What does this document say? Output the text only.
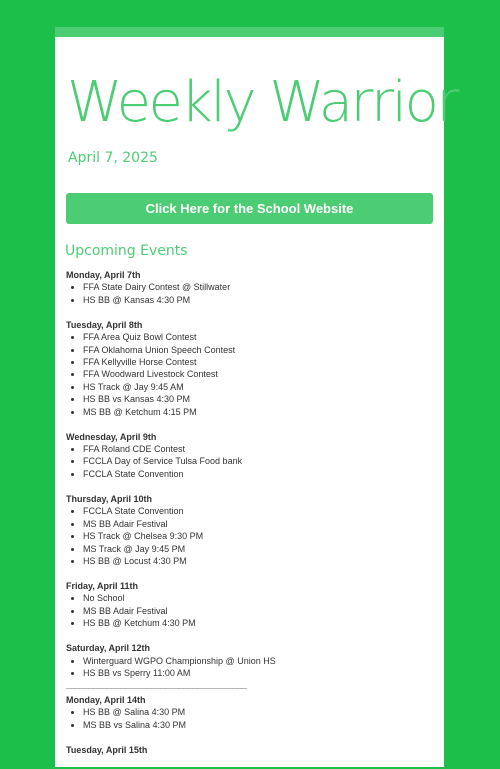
Weekly Warrior
April 7, 2025
Click Here for the School Website
Upcoming Events
Monday, April 7th
• FFA State Dairy Contest @ Stillwater
• HS BB @ Kansas 4:30 PM
Tuesday, April 8th
• FFA Area Quiz Bowl Contest
• FFA Oklahoma Union Speech Contest
• FFA Kellyville Horse Contest
• FFA Woodward Livestock Contest
• HS Track @ Jay 9:45 AM
• HS BB vs Kansas 4:30 PM
• MS BB @ Ketchum 4:15 PM
Wednesday, April 9th
• FFA Roland CDE Contest
• FCCLA Day of Service Tulsa Food bank
• FCCLA State Convention
Thursday, April 10th
• FCCLA State Convention
• MS BB Adair Festival
• HS Track @ Chelsea 9:30 PM
• MS Track @ Jay 9:45 PM
• HS BB @ Locust 4:30 PM
Friday, April 11th
• No School
• MS BB Adair Festival
• HS BB @ Ketchum 4:30 PM
Saturday, April 12th
• Winterguard WGPO Championship @ Union HS
• HS BB vs Sperry 11:00 AM
________________________________________
Monday, April 14th
• HS BB @ Salina 4:30 PM
• MS BB vs Salina 4:30 PM
Tuesday, April 15th
